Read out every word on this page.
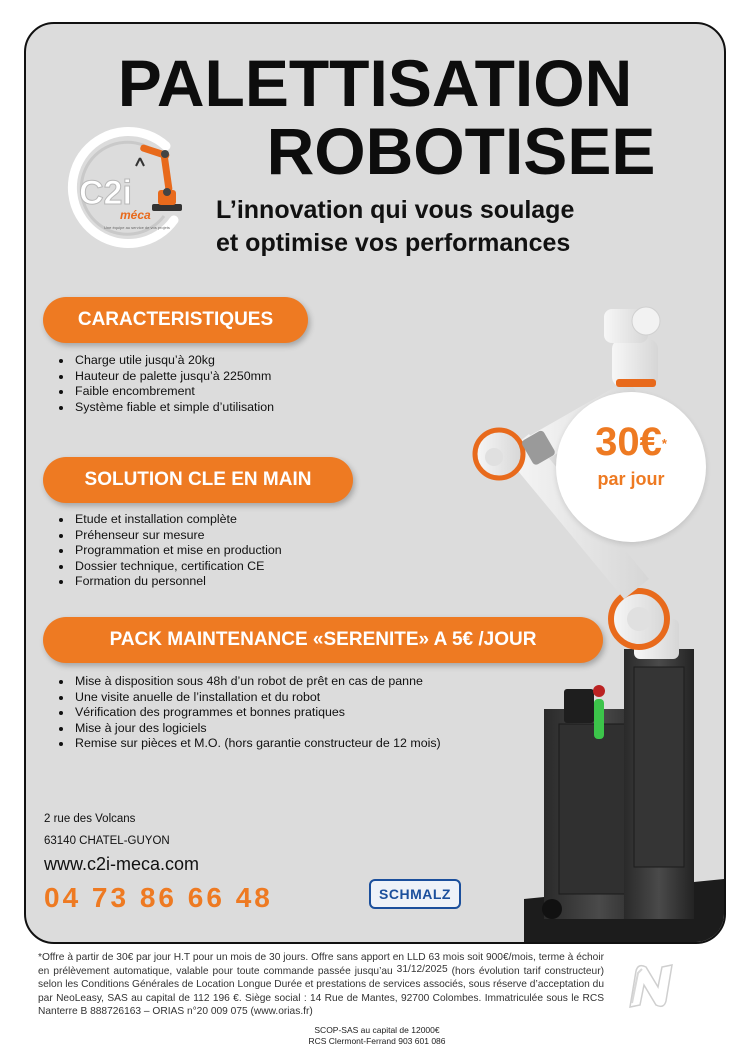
PALETTISATION
ROBOTISEE
L’innovation qui vous soulage
et optimise vos performances
C2i
méca
Une équipe au service de vos projets
CARACTERISTIQUES
• Charge utile jusqu’à 20kg
• Hauteur de palette jusqu’à 2250mm
• Faible encombrement
• Système fiable et simple d’utilisation
SOLUTION CLE EN MAIN
• Etude et installation complète
• Préhenseur sur mesure
• Programmation et mise en production
• Dossier technique, certification CE
• Formation du personnel
PACK MAINTENANCE «SERENITE» A 5€ /JOUR
• Mise à disposition sous 48h d’un robot de prêt en cas de panne
• Une visite anuelle de l’installation et du robot
• Vérification des programmes et bonnes pratiques
• Mise à jour des logiciels
• Remise sur pièces et M.O. (hors garantie constructeur de 12 mois)
30€*
par jour
2 rue des Volcans
63140 CHATEL-GUYON
www.c2i-meca.com
04 73 86 66 48	SCHMALZ
*Offre à partir de 30€ par jour H.T pour un mois de 30 jours. Offre sans apport en LLD 63 mois soit 900€/mois, terme à échoir en prélèvement automatique, valable pour toute commande passée jusqu’au 31/12/2025 (hors évolution tarif constructeur) selon les Conditions Générales de Location Longue Durée et prestations de services associés, sous réserve d’acceptation du par NeoLeasy, SAS au capital de 112 196 €. Siège social : 14 Rue de Mantes, 92700 Colombes. Immatriculée sous le RCS Nanterre B 888726163 – ORIAS n°20 009 075 (www.orias.fr)
SCOP-SAS au capital de 12000€
RCS Clermont-Ferrand 903 601 086
